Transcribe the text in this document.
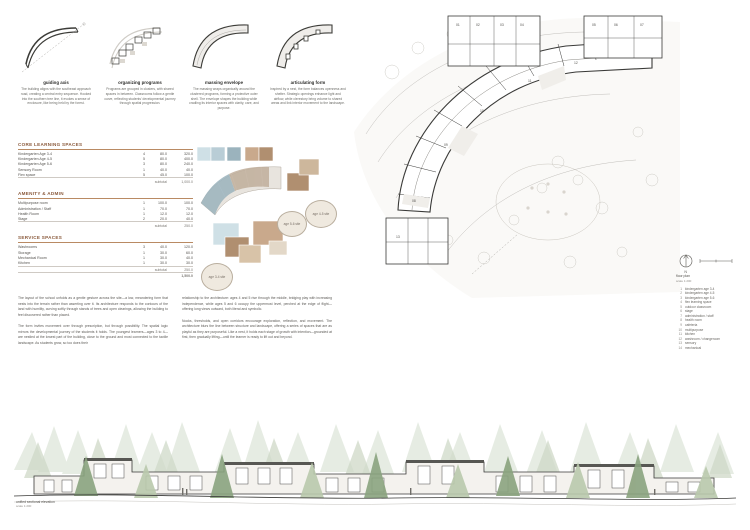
guiding axis
The building aligns with the southeast approach road, creating a central entry sequence. Hooked into the southern tree line, it evokes a sense of enclosure, like being held by the forest.
organizing programs
Programs are grouped in clusters, with shared spaces in between. Classrooms follow a gentle curve, reflecting students' developmental journey through spatial progression.
massing envelope
The massing wraps organically around the clustered programs, forming a protective outer shell. The envelope shapes the building while cradling its interior spaces with clarity, care, and purpose.
articulating form
Inspired by a nest, the form balances openness and shelter. Strategic openings enhance light and airflow, while clerestory bring volume to shared areas and link interior movement to the landscape.
CORE LEARNING SPACES
Kindergarten Age 3-4	4	80.0	320.0
Kindergarten Age 4-5	5	80.0	400.0
Kindergarten Age 5-6	3	80.0	240.0
Sensory Room	1	40.0	40.0
Flex space	5	45.0	100.0
subtotal			1,000.0
AMENITY & ADMIN
Multipurpose room	1	100.0	100.0
Administration / Staff	1	70.0	70.0
Health Room	1	12.0	12.0
Stage	2	20.0	40.0
subtotal			250.0
SERVICE SPACES
Washrooms	3	40.0	120.0
Storage	1	30.0	60.0
Mechanical Room	1	30.0	40.0
Kitchen	1	30.0	30.0
subtotal			250.0
			1,500.0	age 3-4 site
age 4-5 site
age 5-6 site

The layout of the school unfolds as a gentle gesture across the site—a low, meandering form that nests into the terrain rather than asserting over it. Its architecture responds to the contours of the land with humility, curving softly through stands of trees and open clearings, allowing the building to feel discovered rather than placed.

The form invites movement over through prescription, but through possibility. The spatial logic mirrors the developmental journey of the students it holds. The youngest learners—ages 3 to 4—are nestled at the lowest part of the building, close to the ground and most connected to the tactile landscape. As students grow, so too does their

relationship to the architecture: ages 4 and 5 rise through the middle, bridging play with increasing independence, while ages 5 and 6 occupy the uppermost level, perched at the edge of flight—offering long views outward, both literal and symbolic.

Nooks, thresholds, and open corridors encourage exploration, reflection, and movement. The architecture blurs the line between structure and landscape, offering a series of spaces that are as playful as they are purposeful. Like a nest, it holds each stage of growth with intention—grounded at first, then gradually lifting—until the learner is ready to lift out and beyond.

01	02	03	04	05	06	07
08
09
10
11
12
13
N
floor plan
scale 1:200
1 kindergarten age 3-4
2 kindergarten age 4-5
3 kindergarten age 5-6
4 flex learning space
5 outdoor classroom
6 stage
7 administration / staff
8 health room
9 cafeteria
10 multipurpose
11 kitchen
12 washroom / changeroom
13 sensory
14 mechanical
unified sectional elevation
scale 1:200
